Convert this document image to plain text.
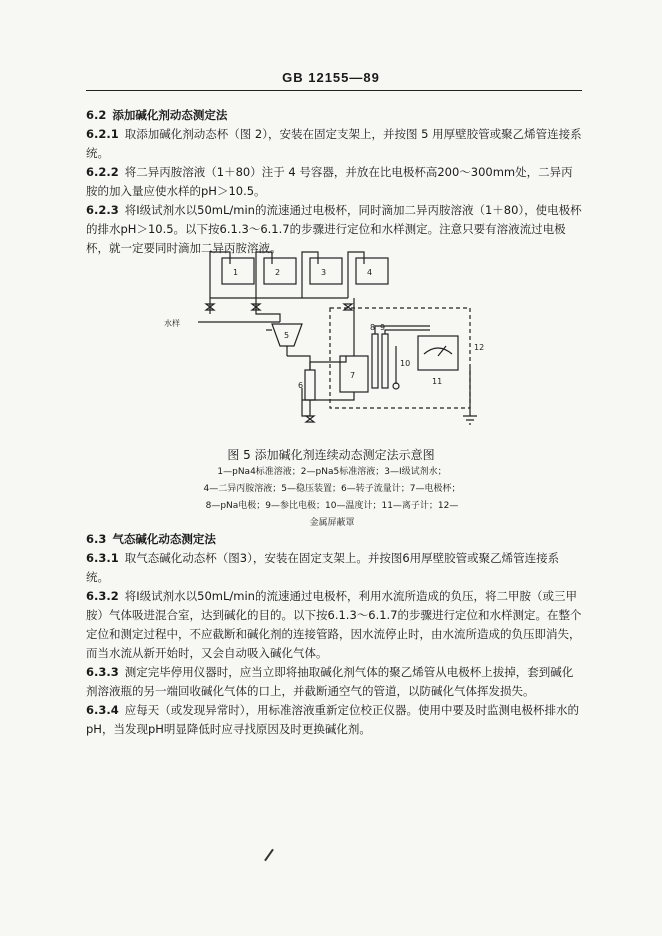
GB 12155—89

6.2 添加碱化剂动态测定法

6.2.1 取添加碱化剂动态杯（图 2），安装在固定支架上，并按图 5 用厚壁胶管或聚乙烯管连接系统。

6.2.2 将二异丙胺溶液（1＋80）注于 4 号容器，并放在比电极杯高200～300mm处，二异丙胺的加入量应使水样的pH＞10.5。

6.2.3 将Ⅰ级试剂水以50mL/min的流速通过电极杯，同时滴加二异丙胺溶液（1＋80），使电极杯的排水pH＞10.5。以下按6.1.3～6.1.7的步骤进行定位和水样测定。注意只要有溶液流过电极杯，就一定要同时滴加二异丙胺溶液。

1	2	3	4
5
6
7
8 9
10
11
12
水样
图 5 添加碱化剂连续动态测定法示意图
1—pNa4标准溶液；2—pNa5标准溶液；3—Ⅰ级试剂水；
4—二异丙胺溶液；5—稳压装置；6—转子流量计；7—电极杯；
8—pNa电极；9—参比电极；10—温度计；11—离子计；12—
金属屏蔽罩

6.3 气态碱化动态测定法

6.3.1 取气态碱化动态杯（图3），安装在固定支架上。并按图6用厚壁胶管或聚乙烯管连接系统。

6.3.2 将Ⅰ级试剂水以50mL/min的流速通过电极杯，利用水流所造成的负压，将二甲胺（或三甲胺）气体吸进混合室，达到碱化的目的。以下按6.1.3～6.1.7的步骤进行定位和水样测定。在整个定位和测定过程中，不应截断和碱化剂的连接管路，因水流停止时，由水流所造成的负压即消失，而当水流从新开始时，又会自动吸入碱化气体。

6.3.3 测定完毕停用仪器时，应当立即将抽取碱化剂气体的聚乙烯管从电极杯上拔掉，套到碱化剂溶液瓶的另一端回收碱化气体的口上，并截断通空气的管道，以防碱化气体挥发损失。

6.3.4 应每天（或发现异常时），用标准溶液重新定位校正仪器。使用中要及时监测电极杯排水的pH，当发现pH明显降低时应寻找原因及时更换碱化剂。
